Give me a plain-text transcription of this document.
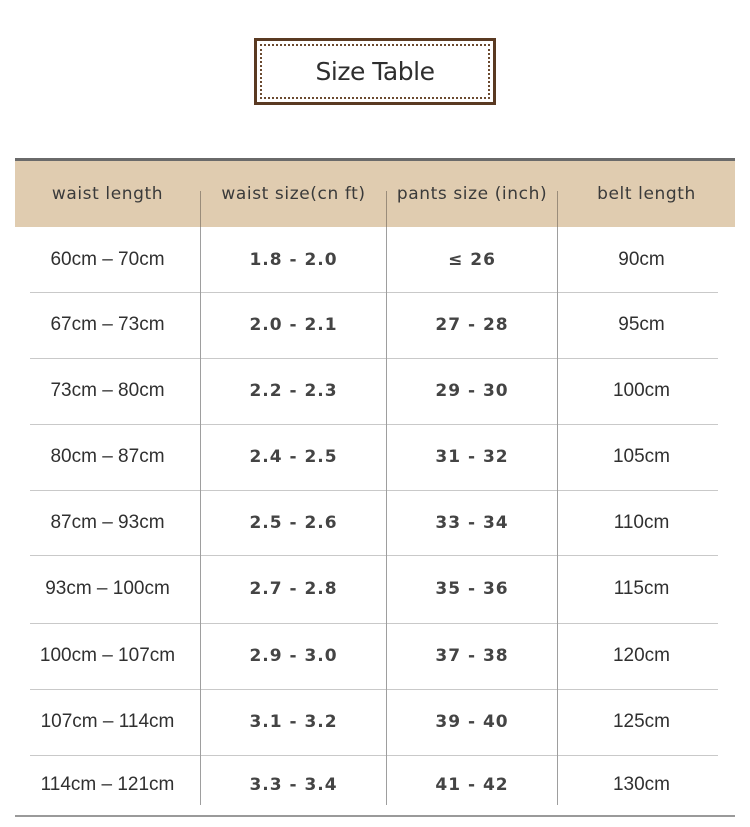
Size Table
waist length	waist size(cn ft)	pants size (inch)	belt length
60cm – 70cm	1.8 - 2.0	≤ 26	90cm
67cm – 73cm	2.0 - 2.1	27 - 28	95cm
73cm – 80cm	2.2 - 2.3	29 - 30	100cm
80cm – 87cm	2.4 - 2.5	31 - 32	105cm
87cm – 93cm	2.5 - 2.6	33 - 34	110cm
93cm – 100cm	2.7 - 2.8	35 - 36	115cm
100cm – 107cm	2.9 - 3.0	37 - 38	120cm
107cm – 114cm	3.1 - 3.2	39 - 40	125cm
114cm – 121cm	3.3 - 3.4	41 - 42	130cm
